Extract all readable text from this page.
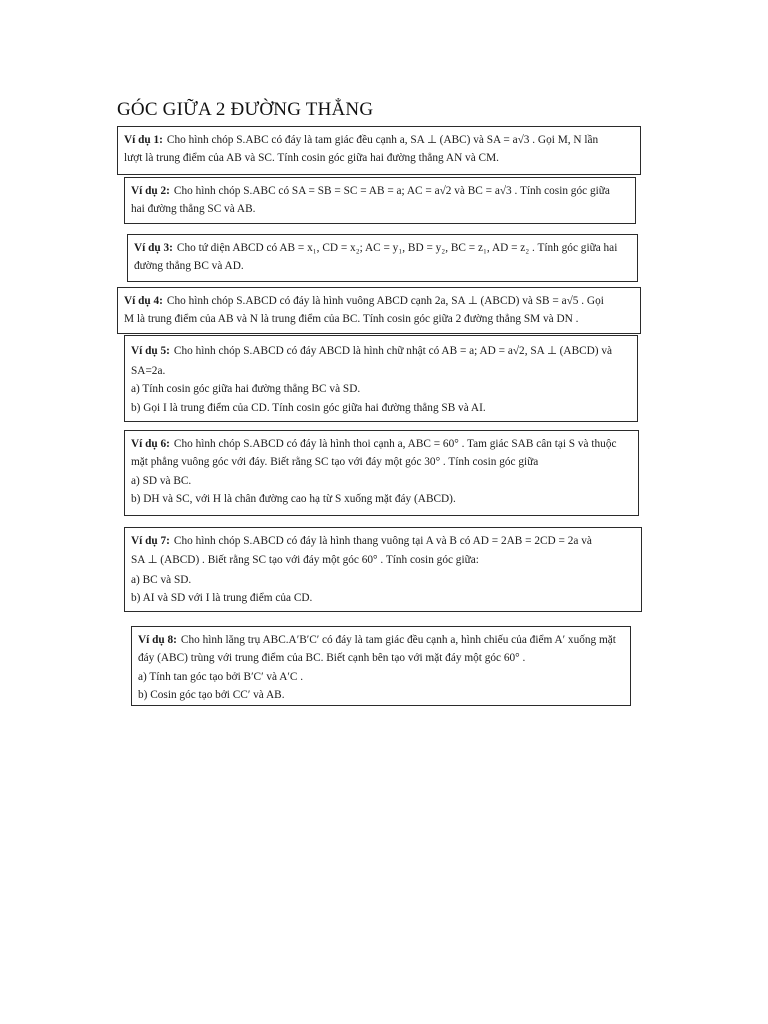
GÓC GIỮA 2 ĐƯỜNG THẲNG
Ví dụ 1: Cho hình chóp S.ABC có đáy là tam giác đều cạnh a, SA ⊥ (ABC) và SA = a√3 . Gọi M, N lần
lượt là trung điểm của AB và SC. Tính cosin góc giữa hai đường thẳng AN và CM.
Ví dụ 2: Cho hình chóp S.ABC có SA = SB = SC = AB = a; AC = a√2 và BC = a√3 . Tính cosin góc giữa
hai đường thẳng SC và AB.
Ví dụ 3: Cho tứ diện ABCD có AB = x₁, CD = x₂; AC = y₁, BD = y₂, BC = z₁, AD = z₂ . Tính góc giữa hai
đường thẳng BC và AD.
Ví dụ 4: Cho hình chóp S.ABCD có đáy là hình vuông ABCD cạnh 2a, SA ⊥ (ABCD) và SB = a√5 . Gọi
M là trung điểm của AB và N là trung điểm của BC. Tính cosin góc giữa 2 đường thẳng SM và DN .
Ví dụ 5: Cho hình chóp S.ABCD có đáy ABCD là hình chữ nhật có AB = a; AD = a√2, SA ⊥ (ABCD) và
SA=2a.
a) Tính cosin góc giữa hai đường thẳng BC và SD.
b) Gọi I là trung điểm của CD. Tính cosin góc giữa hai đường thẳng SB và AI.
Ví dụ 6: Cho hình chóp S.ABCD có đáy là hình thoi cạnh a, ABC = 60° . Tam giác SAB cân tại S và thuộc
mặt phẳng vuông góc với đáy. Biết rằng SC tạo với đáy một góc 30° . Tính cosin góc giữa
a) SD và BC.
b) DH và SC, với H là chân đường cao hạ từ S xuống mặt đáy (ABCD).
Ví dụ 7: Cho hình chóp S.ABCD có đáy là hình thang vuông tại A và B có AD = 2AB = 2CD = 2a và
SA ⊥ (ABCD) . Biết rằng SC tạo với đáy một góc 60° . Tính cosin góc giữa:
a) BC và SD.
b) AI và SD với I là trung điểm của CD.
Ví dụ 8: Cho hình lăng trụ ABC.A′B′C′ có đáy là tam giác đều cạnh a, hình chiếu của điểm A′ xuống mặt
đáy (ABC) trùng với trung điểm của BC. Biết cạnh bên tạo với mặt đáy một góc 60° .
a) Tính tan góc tạo bởi B′C′ và A′C .
b) Cosin góc tạo bởi CC′ và AB.
